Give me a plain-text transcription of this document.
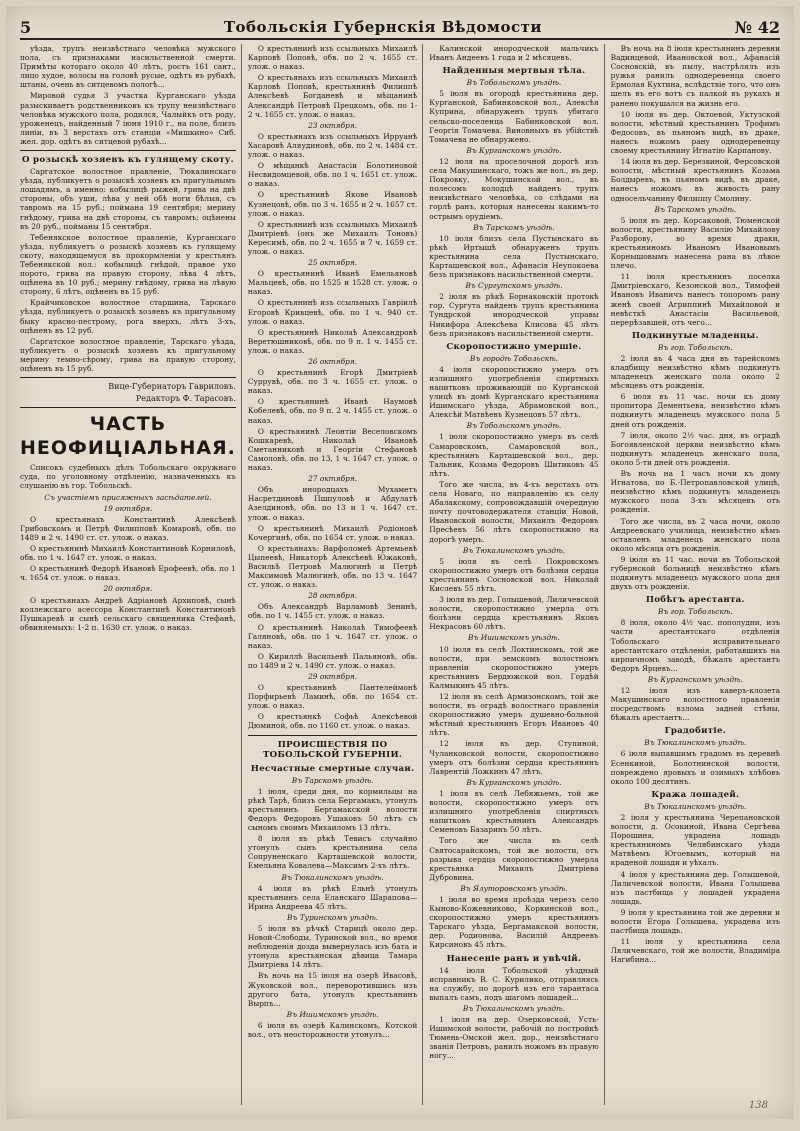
5	Тобольскія Губернскія Вѣдомости	№ 42

уѣзда, трупъ неизвѣстнаго человѣка мужского пола, съ признаками насильственной смерти. Примѣты котораго около 40 лѣтъ, ростъ 161 сант., лицо худое, волосы на головѣ русые, одѣтъ въ рубахѣ, штаны, очень въ ситцевомъ пологѣ...

Мировой судья 3 участка Курганскаго уѣзда разыскиваетъ родственниковъ къ трупу неизвѣстнаго человѣка мужского пола, родился, Чалыйкъ отъ роду, уроженецъ, найденный 7 іюня 1910 г., на поле, близъ линіи, въ 3 верстахъ отъ станціи «Мишкино» Сиб. жел. дор. одѣтъ въ ситцевой рубахѣ...

О розыскѣ хозяевъ къ гулящему скоту.

Саргатское волостное правленіе, Тюкалинскаго уѣзда, публикуетъ о розыскѣ хозяевъ къ пригульнымъ лошадямъ, а именно: кобылицѣ рыжей, грива на двѣ стороны, объ уши, лѣва у ней обѣ ноги бѣлыя, съ тавромъ на 15 руб.; поймана 19 сентября; мерину гнѣдому, грива на двѣ стороны, съ тавромъ; оцѣнены въ 20 руб., пойманы 15 сентября.

Тебенякское волостное правленіе, Курганскаго уѣзда, публикуетъ о розыскѣ хозяевъ къ гулящему скоту, находящемуся въ прокормленіи у крестьянъ Тебенякской вол.: кобылицѣ гнѣдой, правое ухо порото, грива на правую сторону, лѣва 4 лѣтъ, оцѣнена въ 10 руб.; мерину гнѣдому, грива на лѣвую сторону, 6 лѣтъ, оцѣненъ въ 15 руб.

Крайчиковское волостное старшина, Тарскаго уѣзда, публикуетъ о розыскѣ хозяевъ къ пригульному быку красно-пестрому, рога вверхъ, лѣтъ 3-хъ, оцѣненъ въ 12 руб.

Саргатское волостное правленіе, Тарскаго уѣзда, публикуетъ о розыскѣ хозяевъ къ пригульному мерину темно-сѣрому, грива на правую сторону, оцѣненъ въ 15 руб.

Вице-Губернаторъ Гавриловъ.
Редакторъ Ф. Тарасовъ.
ЧАСТЬ НЕОФИЦІАЛЬНАЯ.

Списокъ судебныхъ дѣлъ Тобольскаго окружнаго суда, по уголовному отдѣленію, назначенныхъ къ слушанію въ гор. Тобольскѣ.

Съ участіемъ присяжныхъ засѣдателей.
19 октября.

О крестьянахъ Константинѣ Алексѣевѣ Грибовскомъ и Петрѣ Филипповѣ Комаровѣ, обв. по 1489 и 2 ч. 1490 ст. ст. улож. о наказ.

О крестьянинѣ Михаилѣ Константиновѣ Корниловѣ, обв. по 1 ч. 1647 ст. улож. о наказ.

О крестьянинѣ Федорѣ Ивановѣ Ерофеевѣ, обв. по 1 ч. 1654 ст. улож. о наказ.

20 октября.

О крестьянахъ Андреѣ Адріановѣ Архиповѣ, сынѣ коллежскаго асессора Константинѣ Константиновѣ Пушкаревѣ и сынѣ сельскаго священника Стефанѣ, обвиняемыхъ: 1-2 п. 1630 ст. улож. о наказ.

О крестьянинѣ изъ ссыльныхъ Михаилѣ Карповѣ Поповѣ, обв. по 2 ч. 1655 ст. улож. о наказ.

О крестьянахъ изъ ссыльныхъ Михаилѣ Карловѣ Поповѣ, крестьянинѣ Филиппѣ Алексѣевѣ Богданевѣ и мѣщанинѣ Александрѣ Петровѣ Прецкомъ, обв. по 1-2 ч. 1655 ст. улож. о наказ.

23 октября.

О крестьянахъ изъ ссыльныхъ Ирруанѣ Хасаровѣ Аляудиновѣ, обв. по 2 ч. 1484 ст. улож. о наказ.

О мѣщанкѣ Анастасіи Болотиновой Несвидомцевой, обв. по 1 ч. 1651 ст. улож. о наказ.

О крестьянинѣ Якове Ивановѣ Кузнецовѣ, обв. по 3 ч. 1655 и 2 ч. 1657 ст. улож. о наказ.

О крестьянинѣ изъ ссыльныхъ Михаилѣ Дмитріевѣ (онъ же Михаилъ Тоновъ) Кересимѣ, обв. по 2 ч. 1655 и 7 ч. 1659 ст. улож. о наказ.

25 октября.

О крестьянинѣ Иванѣ Емельяновѣ Мальцевѣ, обв. по 1525 и 1528 ст. улож. о наказ.

О крестьянинѣ изъ ссыльныхъ Гавріилѣ Егоровѣ Кривцевѣ, обв. по 1 ч. 940 ст. улож. о наказ.

О крестьянинѣ Николаѣ Александровѣ Веретюшниковѣ, обв. по 9 п. 1 ч. 1455 ст. улож. о наказ.

26 октября.

О крестьянинѣ Егорѣ Дмитріевѣ Суррувѣ, обв. по 3 ч. 1655 ст. улож. о наказ.

О крестьянинѣ Иванѣ Наумовѣ Кобелевѣ, обв. по 9 п. 2 ч. 1455 ст. улож. о наказ.

О крестьянинѣ Леонтіи Веселовскомъ Кошкаревѣ, Николаѣ Ивановѣ Сметанниковѣ и Георгіи Стефановѣ Самоловѣ, обв. по 13, 1 ч. 1647 ст. улож. о наказ.

27 октября.

Объ инородцахъ Мухаметъ Насретдиновѣ Пшпуловѣ и Абдулатѣ Азелдиновѣ, обв. по 13 и 1 ч. 1647 ст. улож. о наказ.

О крестьянинѣ Михаилѣ Родіоновѣ Кочергинѣ, обв. по 1654 ст. улож. о наказ.

О крестьянахъ: Варфоломеѣ Артемьевѣ Цыпеевѣ, Никаторѣ Алексѣевѣ Южаковѣ, Васильѣ Петровѣ Малюгинѣ и Петрѣ Максимовѣ Малюгинѣ, обв. по 13 ч. 1647 ст. улож. о наказ.

28 октября.

Объ Александрѣ Варламовѣ Зенинѣ, обв. по 1 ч. 1455 ст. улож. о наказ.

О крестьянинѣ Николаѣ Тимофеевѣ Галяновѣ, обв. по 1 ч. 1647 ст. улож. о наказ.

О Кириллѣ Васильевѣ Пальяновѣ, обв. по 1489 и 2 ч. 1490 ст. улож. о наказ.

29 октября.

О крестьянинѣ Пантелеймонѣ Порфирьевѣ Ламинѣ, обв. по 1654 ст. улож. о наказ.

О крестьянкѣ Софьѣ Алексѣевой Дюминой, обв. по 1160 ст. улож. о наказ.

ПРОИСШЕСТВІЯ ПО ТОБОЛЬСКОЙ ГУБЕРНІИ.
Несчастные смертные случаи.
Въ Тарскомъ уѣздѣ.

1 іюля, среди дня, по кормильцы на рѣкѣ Тарѣ, близъ села Бергамакъ, утонулъ крестьянинъ Бергамакской волости Федоръ Федоровъ Ушаковъ 50 лѣтъ съ сыномъ своимъ Михаиломъ 13 лѣтъ.

8 іюля въ рѣкѣ Тевисъ случайно утонулъ сынъ крестьянина села Сопруненскаго Карташевской волости, Емельяна Ковалева—Максимъ 2-хъ лѣтъ.

Въ Тюкалинскомъ уѣздѣ.

4 іюля въ рѣкѣ Ельнѣ утонулъ крестьянинъ села Еланскаго Шарапова—Ирина Андреева 45 лѣтъ.

Въ Туринскомъ уѣздѣ.

5 іюля въ рѣчкѣ Старицѣ около дер. Новой-Слободы, Туринской вол., во время неблюденія дозда вывернулась изъ бата и утонула крестьянская дѣвица Тамара Дмитріева 14 лѣтъ.

Въ ночь на 15 іюля на озерѣ Ивасовѣ, Жуковской вол., переворотившись изъ другого бата, утонулъ крестьянинъ Вырпъ...

Въ Ишимскомъ уѣздѣ.

6 іюля въ озерѣ Калинскомъ, Котской вол., отъ неосторожности утонулъ...

Калинской инородческой мальчикъ Иванъ Андеевъ 1 года и 2 мѣсяцевъ.

Найденныя мертвыя тѣла.
Въ Тобольскомъ уѣздѣ.

5 іюля въ огородѣ крестьянина дер. Курганской, Бабинковской вол., Алексѣя Куприна, обнаруженъ трупъ убитаго сельско-поселенца Бабинковской вол. Георгія Томачева. Виновныхъ въ убійствѣ Томачева не обнаружено.

Въ Курганскомъ уѣздѣ.

12 іюля на проселочной дорогѣ изъ села Макушинскаго, тожъ же вол., въ дер. Покровку, Мокушинской вол., въ полесомъ колодцѣ найденъ трупъ неизвѣстнаго человѣка, со слѣдами на горлѣ ранъ, которыя нанесены какимъ-то острымъ орудіемъ.

Въ Тарскомъ уѣздѣ.

10 іюля близъ села Пустынскаго въ рѣкѣ Иртышѣ обнаруженъ трупъ крестьянина села Пустынскаго, Карташевской вол., Афанасія Неупокоева безъ признаковъ насильственной смерти.

Въ Сургутскомъ уѣздѣ.

2 іюля въ рѣкѣ Борнаковскій протокѣ гор. Сургута найденъ трупъ крестьянина Тундрской инородческой управы Никифора Алексѣева Клисова 45 лѣтъ безъ признаковъ насильственной смерти.

Скоропостижно умершіе.
Въ городѣ Тобольскѣ.

4 іюля скоропостижно умеръ отъ излишняго употребленія спиртныхъ напитковъ проживающій по Курганской улицѣ въ домѣ Курганскаго крестьянина Ишимскаго уѣзда, Абрамовской вол., Алексѣй Матвѣевъ Кузнецовъ 57 лѣтъ.

Въ Тобольскомъ уѣздѣ.

1 іюля скоропостижно умеръ въ селѣ Самаровскомъ, Самаровской вол., крестьянинъ Карташевской вол., дер. Тальник, Козьма Федоровъ Шитиковъ 45 лѣтъ.

Того же числа, въ 4-хъ верстахъ отъ села Новаго, по направленію къ селу Абалакскому, сопровождавшій очередную почту почтоводержателя станціи Новой, Ивановской волости, Михаилъ Федоровъ Пресѣевъ 56 лѣтъ скоропостижно на дорогѣ умеръ.

Въ Тюкалинскомъ уѣздѣ.

5 іюля въ селѣ Покровскомъ скоропостижно умеръ отъ болѣзни сердца крестьянинъ Сосновской вол. Николай Кислевъ 55 лѣтъ.

3 іюля въ дер. Голышевой, Лиличевской волости, скоропостижно умерла отъ болѣзни сердца крестьянинъ Яковъ Некрасовъ 60 лѣтъ.

Въ Ишимскомъ уѣздѣ.

10 іюля въ селѣ Локтинскомъ, той же волости, при земскомъ волостномъ правленіи скоропостижно умеръ крестьянинъ Бердюжской вол. Гордѣй Калмыкинъ 45 лѣтъ.

12 іюля въ селѣ Армизонскомъ, той же волости, въ оградѣ волостнаго правленія скоропостижно умеръ душевно-больной мѣстный крестьянинъ Егоръ Ивановъ 40 лѣтъ.

12 іюля въ дер. Ступиной, Чуланковской волости, скоропостижно умеръ отъ болѣзни сердца крестьянинъ Лаврентій Ложкинъ 47 лѣтъ.

Въ Курганскомъ уѣздѣ.

1 іюля въ селѣ Лебяжьемъ, той же волости, скоропостижно умеръ отъ излишняго употребленія спиртныхъ напитковъ крестьянинъ Александръ Семеновъ Базаринъ 50 лѣтъ.

Того же числа въ селѣ Святосарайскомъ, той же волости, отъ разрыва сердца скоропостижно умерла крестьянка Михаилъ Дмитріева Дубровина.

Въ Ялуторовскомъ уѣздѣ.

1 іюля во время проѣзда черезъ село Кыново-Кожевниково, Коркинской вол., скоропостижно умеръ крестьянинъ Тарскаго уѣзда, Бергамакской волости, дер. Родионова, Василій Андреевъ Кирсиновъ 45 лѣтъ.

Нанесеніе ранъ и увѣчій.

14 іюля Тобольской уѣздный исправникъ В. С. Курилико, отправляясь на службу, по дорогѣ изъ его тарантаса выпалъ самъ, подъ шагомъ лошадей...

Въ Тюкалинскомъ уѣздѣ.

1 іюля на дер. Озерковской, Усть-Ишимской волости, рабочій по постройкѣ Тюмень-Омской жел. дор., неизвѣстнаго званія Петровъ, ранилъ ножомъ въ правую ногу...

Въ ночь на 8 іюля крестьянинъ деревни Вадинцевой, Ивановской вол., Афанасій Сосновскій, въ пылу, настрѣлялъ изъ ружья ранилъ однодеревенца своего Ермолая Кухтина, вслѣдствіе того, что онъ шелъ въ его вотъ съ палкой въ рукахъ и ранено покушался на жизнь его.

10 іюля въ дер. Октоевой, Уктузской волости, мѣстный крестьянинъ Трофимъ Федосовъ, въ пьяномъ видѣ, въ драке, нанесъ ножомъ рану однодеревенцу своему крестьянину Игнатію Карпанову.

14 іюля въ дер. Березвиной, Ферсовской волости, мѣстный крестьянинъ Козьма Болдыревъ, въ пьяномъ видѣ, въ драке, нанесъ ножомъ въ живость рану односельчанину Филиппу Смолину.

Въ Тарскомъ уѣздѣ.

5 іюля въ дер. Корсаковой, Тюменской волости, крестьянину Василію Михайлову Разборову, во время драки, крестьяниномъ Иваномъ Ивановымъ Корнышовымъ нанесена рана въ лѣвое плечо.

11 іюля крестьянинъ поселка Дмитріевскаго, Кезонской вол., Тимофей Ивановъ Иваничъ нанесъ топоромъ рану женѣ своей Агриппинѣ Михайловой и невѣсткѣ Анастасіи Васильевой, перерѣзавшей, отъ чего...

Подкинутые младенцы.
Въ гор. Тобольскѣ.

2 іюля въ 4 часа дня въ тарейскомъ кладбищу неизвѣстно кѣмъ подкинутъ младенецъ женскаго пола около 2 мѣсяцевъ отъ рожденія.

6 іюля въ 11 час. ночи къ дому пропитора Дементьева, неизвѣстно кѣмъ подкинутъ младенецъ мужского пола 5 дней отъ рожденія.

7 іюля, около 2½ час. дня, въ оградѣ Богоявленской церкви неизвѣстно кѣмъ подкинутъ младенецъ женскаго пола, около 5-ти дней отъ рожденія.

Въ ночь на 1 часъ ночи къ дому Игнатова, по Б.-Петропавловской улицѣ, неизвѣстно кѣмъ подкинутъ младенецъ мужского пола 3-хъ мѣсяцевъ отъ рожденія.

Того же числа, въ 2 часа ночи, около Андреевскаго училища, неизвѣстно кѣмъ оставленъ младенецъ женскаго пола около мѣсяца отъ рожденія.

9 іюля въ 11 час. ночи въ Тобольской губернской больницѣ неизвѣстно кѣмъ подкинутъ младенецъ мужского пола дня двухъ отъ рожденія.

Побѣгъ арестанта.
Въ гор. Тобольскѣ.

8 іюля, около 4½ час. пополудни, изъ части арестантскаго отдѣленія Тобольскаго исправительнаго арестантскаго отдѣленія, работавшихъ на кирпичномъ заводѣ, бѣжалъ арестантъ Федоръ Ярцевъ...

Въ Курганскомъ уѣздѣ.

12 іюля изъ каверъ-клозета Макушинскаго волостного правленія посредствомъ взлома задней стѣны, бѣжалъ арестантъ...

Градобитіе.
Въ Тюкалинскомъ уѣздѣ.

6 іюля выпавшимъ градомъ въ деревнѣ Есенкиной, Болотнинской волости, повреждено яровыхъ и озимыхъ хлѣбовъ около 100 десятинъ.

Кража лошадей.
Въ Тюкалинскомъ уѣздѣ.

2 іюля у крестьянина Черепановской волости, д. Осокиной, Ивана Сергѣева Порошина, украдена лошадь крестьяниномъ Челябинскаго уѣзда Матвѣемъ Югоевымъ, который на краденой лошади и уѣхалъ.

4 іюля у крестьянина дер. Голышевой, Лиличевской волости, Ивана Голышева изъ пастбища у лошадей украдена лошадь.

9 іюля у крестьянина той же деревни и волости Егора Голышева, украдена изъ пастбища лошадь.

11 іюля у крестьянина села Ляличевскаго, той же волости, Владиміра Нагибина...

138
